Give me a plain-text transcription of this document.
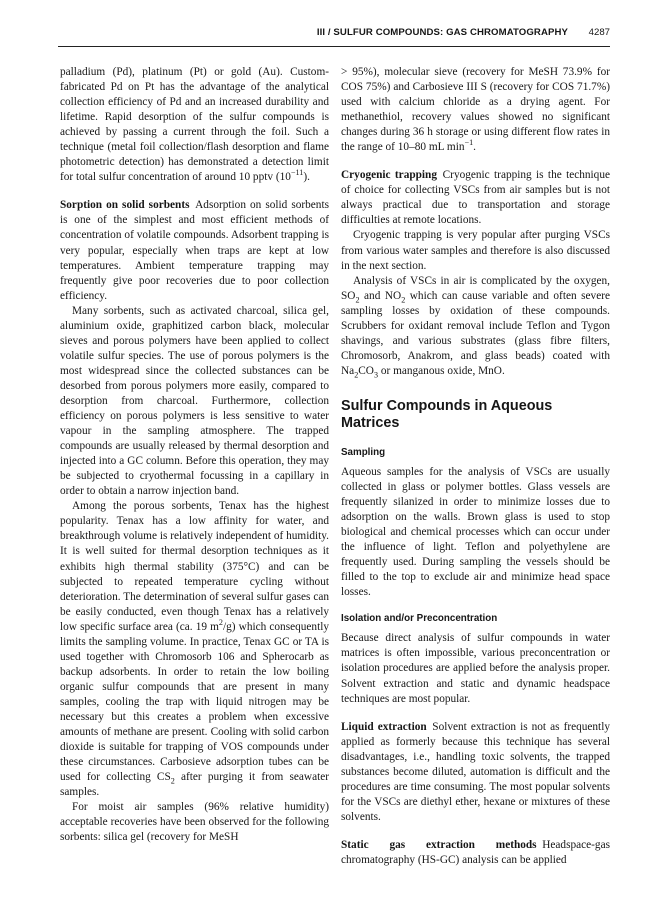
III / SULFUR COMPOUNDS: GAS CHROMATOGRAPHY 4287

palladium (Pd), platinum (Pt) or gold (Au). Custom-fabricated Pd on Pt has the advantage of the analytical collection efficiency of Pd and an increased durability and lifetime. Rapid desorption of the sulfur compounds is achieved by passing a current through the foil. Such a technique (metal foil collection/flash desorption and flame photometric detection) has demonstrated a detection limit for total sulfur concentration of around 10 pptv $(10^{-11})$.

Sorption on solid sorbents  Adsorption on solid sorbents is one of the simplest and most efficient methods of concentration of volatile compounds. Adsorbent trapping is very popular, especially when traps are kept at low temperatures. Ambient temperature trapping may frequently give poor recoveries due to poor collection efficiency.

Many sorbents, such as activated charcoal, silica gel, aluminium oxide, graphitized carbon black, molecular sieves and porous polymers have been applied to collect volatile sulfur species. The use of porous polymers is the most widespread since the collected substances can be desorbed from porous polymers more easily, compared to desorption from charcoal. Furthermore, collection efficiency on porous polymers is less sensitive to water vapour in the sampling atmosphere. The trapped compounds are usually released by thermal desorption and injected into a GC column. Before this operation, they may be subjected to cryothermal focussing in a capillary in order to obtain a narrow injection band.

Among the porous sorbents, Tenax has the highest popularity. Tenax has a low affinity for water, and breakthrough volume is relatively independent of humidity. It is well suited for thermal desorption techniques as it exhibits high thermal stability (375°C) and can be subjected to repeated temperature cycling without deterioration. The determination of several sulfur gases can be easily conducted, even though Tenax has a relatively low specific surface area (ca. 19 $m^2/g$) which consequently limits the sampling volume. In practice, Tenax GC or TA is used together with Chromosorb 106 and Spherocarb as backup adsorbents. In order to retain the low boiling organic sulfur compounds that are present in many samples, cooling the trap with liquid nitrogen may be necessary but this creates a problem when excessive amounts of methane are present. Cooling with solid carbon dioxide is suitable for trapping of VOS compounds under these circumstances. Carbosieve adsorption tubes can be used for collecting $CS_2$ after purging it from seawater samples.

For moist air samples (96% relative humidity) acceptable recoveries have been observed for the following sorbents: silica gel (recovery for MeSH

> 95%), molecular sieve (recovery for MeSH 73.9% for COS 75%) and Carbosieve III S (recovery for COS 71.7%) used with calcium chloride as a drying agent. For methanethiol, recovery values showed no significant changes during 36 h storage or using different flow rates in the range of 10–80 mL $\min^{-1}$.

Cryogenic trapping  Cryogenic trapping is the technique of choice for collecting VSCs from air samples but is not always practical due to transportation and storage difficulties at remote locations.

Cryogenic trapping is very popular after purging VSCs from various water samples and therefore is also discussed in the next section.

Analysis of VSCs in air is complicated by the oxygen, $SO_2$ and $NO_2$ which can cause variable and often severe sampling losses by oxidation of these compounds. Scrubbers for oxidant removal include Teflon and Tygon shavings, and various substrates (glass fibre filters, Chromosorb, Anakrom, and glass beads) coated with $Na_2CO_3$ or manganous oxide, MnO.

Sulfur Compounds in Aqueous Matrices
Sampling

Aqueous samples for the analysis of VSCs are usually collected in glass or polymer bottles. Glass vessels are frequently silanized in order to minimize losses due to adsorption on the walls. Brown glass is used to stop biological and chemical processes which can occur under the influence of light. Teflon and polyethylene are frequently used. During sampling the vessels should be filled to the top to exclude air and minimize head space losses.

Isolation and/or Preconcentration

Because direct analysis of sulfur compounds in water matrices is often impossible, various preconcentration or isolation procedures are applied before the analysis proper. Solvent extraction and static and dynamic headspace techniques are most popular.

Liquid extraction  Solvent extraction is not as frequently applied as formerly because this technique has several disadvantages, i.e., handling toxic solvents, the trapped substances become diluted, automation is difficult and the procedures are time consuming. The most popular solvents for the VSCs are diethyl ether, hexane or mixtures of these solvents.

Static gas extraction methods  Headspace-gas chromatography (HS-GC) analysis can be applied
